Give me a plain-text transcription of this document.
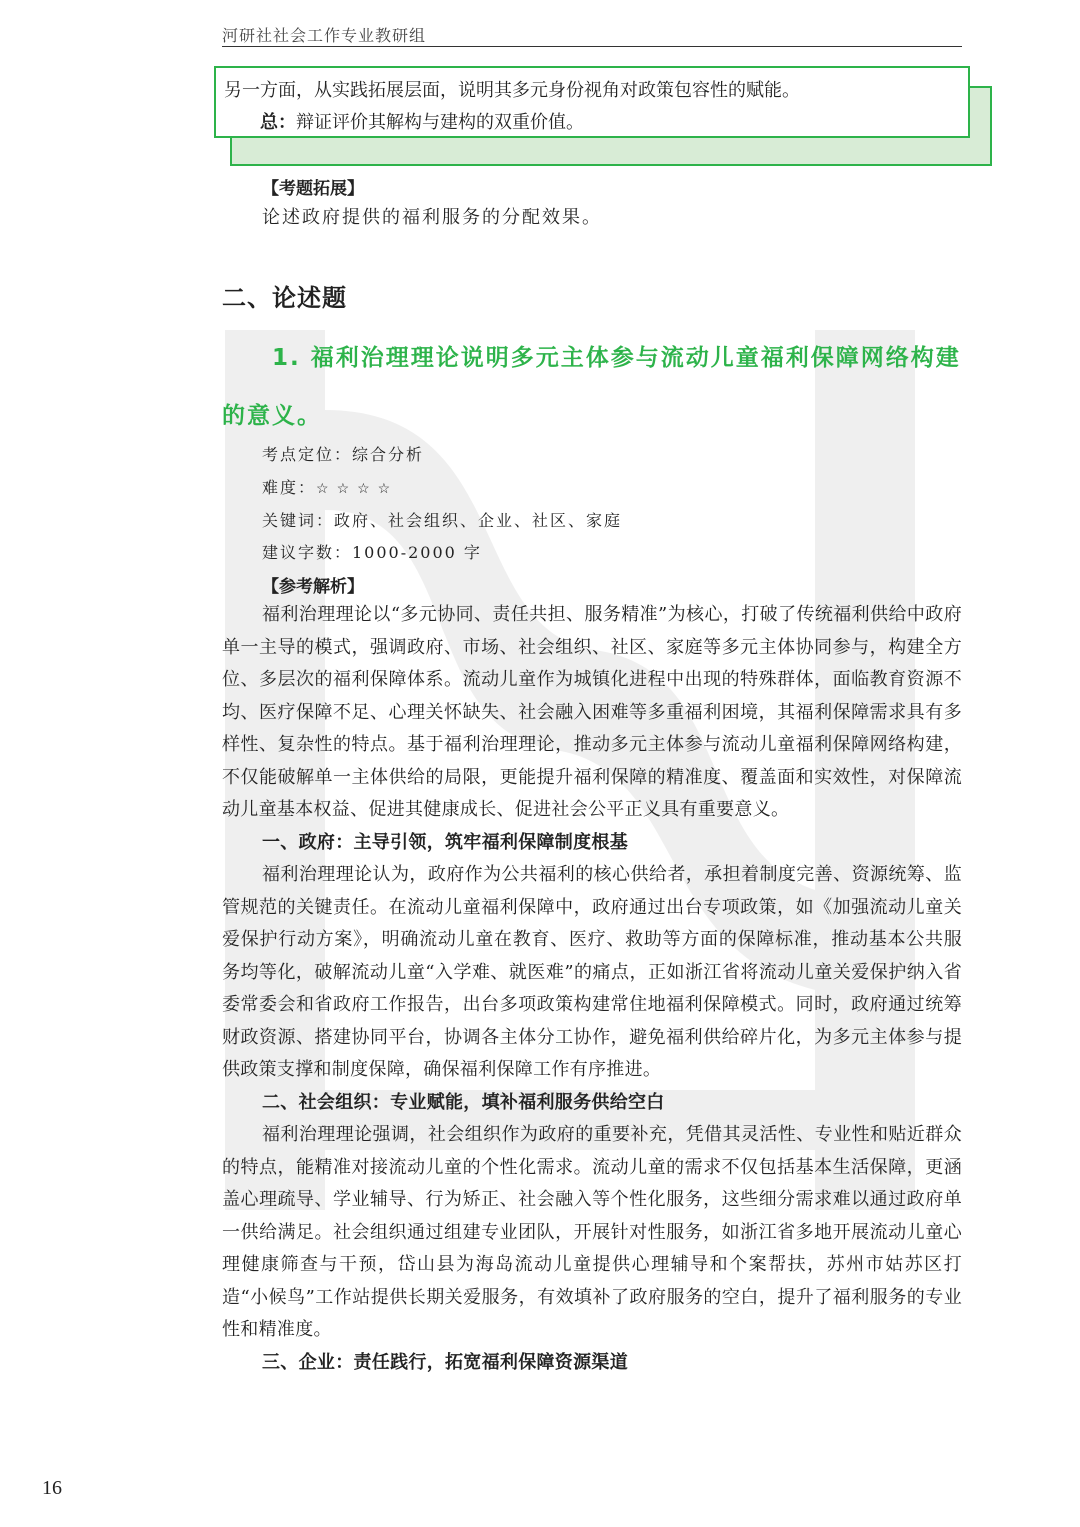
河研社社会工作专业教研组
另一方面，从实践拓展层面，说明其多元身份视角对政策包容性的赋能。
总：辩证评价其解构与建构的双重价值。
【考题拓展】
论述政府提供的福利服务的分配效果。
二、论述题
1. 福利治理理论说明多元主体参与流动儿童福利保障网络构建的意义。
考点定位：综合分析
难度：☆☆☆☆
关键词：政府、社会组织、企业、社区、家庭
建议字数：1000-2000 字
【参考解析】

福利治理理论以“多元协同、责任共担、服务精准”为核心，打破了传统福利供给中政府单一主导的模式，强调政府、市场、社会组织、社区、家庭等多元主体协同参与，构建全方位、多层次的福利保障体系。流动儿童作为城镇化进程中出现的特殊群体，面临教育资源不均、医疗保障不足、心理关怀缺失、社会融入困难等多重福利困境，其福利保障需求具有多样性、复杂性的特点。基于福利治理理论，推动多元主体参与流动儿童福利保障网络构建，不仅能破解单一主体供给的局限，更能提升福利保障的精准度、覆盖面和实效性，对保障流动儿童基本权益、促进其健康成长、促进社会公平正义具有重要意义。

一、政府：主导引领，筑牢福利保障制度根基

福利治理理论认为，政府作为公共福利的核心供给者，承担着制度完善、资源统筹、监管规范的关键责任。在流动儿童福利保障中，政府通过出台专项政策，如《加强流动儿童关爱保护行动方案》，明确流动儿童在教育、医疗、救助等方面的保障标准，推动基本公共服务均等化，破解流动儿童“入学难、就医难”的痛点，正如浙江省将流动儿童关爱保护纳入省委常委会和省政府工作报告，出台多项政策构建常住地福利保障模式。同时，政府通过统筹财政资源、搭建协同平台，协调各主体分工协作，避免福利供给碎片化，为多元主体参与提供政策支撑和制度保障，确保福利保障工作有序推进。

二、社会组织：专业赋能，填补福利服务供给空白

福利治理理论强调，社会组织作为政府的重要补充，凭借其灵活性、专业性和贴近群众的特点，能精准对接流动儿童的个性化需求。流动儿童的需求不仅包括基本生活保障，更涵盖心理疏导、学业辅导、行为矫正、社会融入等个性化服务，这些细分需求难以通过政府单一供给满足。社会组织通过组建专业团队，开展针对性服务，如浙江省多地开展流动儿童心理健康筛查与干预，岱山县为海岛流动儿童提供心理辅导和个案帮扶，苏州市姑苏区打造“小候鸟”工作站提供长期关爱服务，有效填补了政府服务的空白，提升了福利服务的专业性和精准度。

三、企业：责任践行，拓宽福利保障资源渠道

16
